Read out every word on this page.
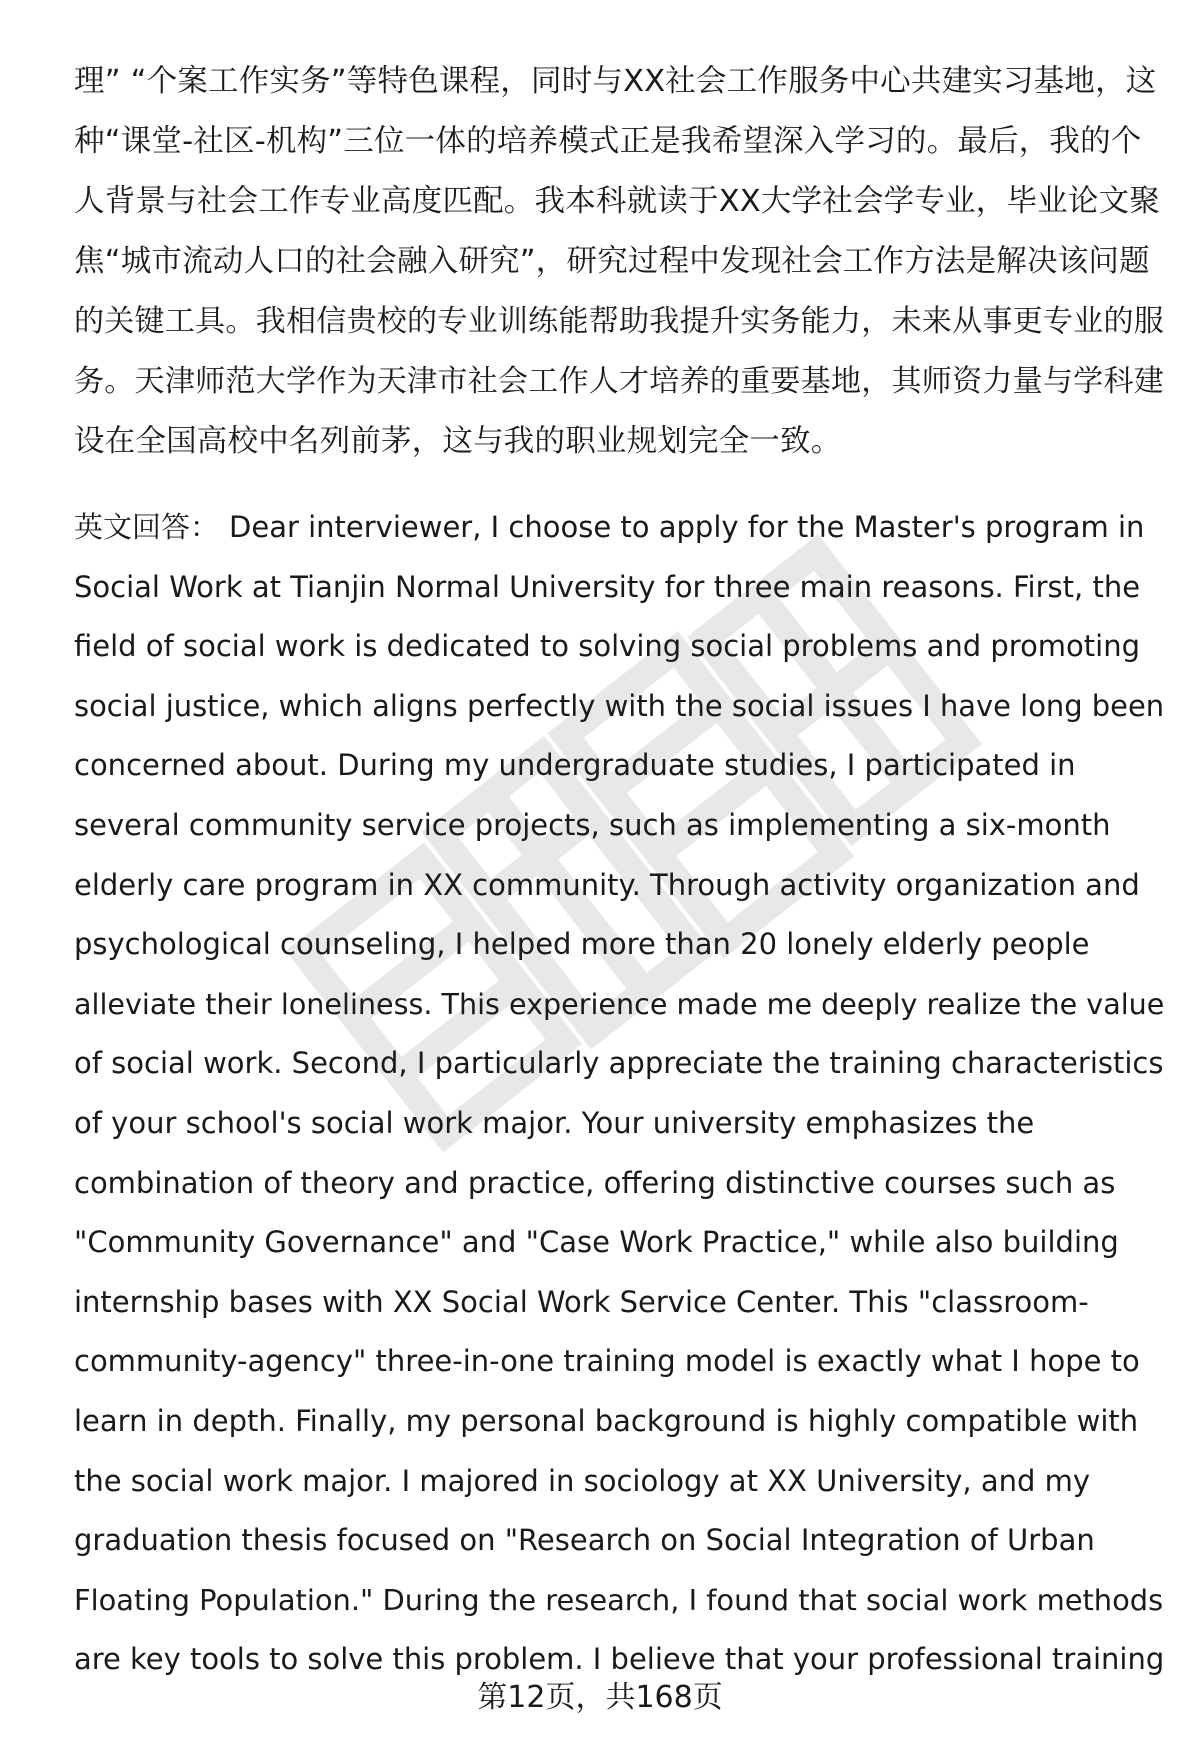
理” “个案工作实务”等特色课程，同时与XX社会工作服务中心共建实习基地，这
种“课堂-社区-机构”三位一体的培养模式正是我希望深入学习的。最后，我的个
人背景与社会工作专业高度匹配。我本科就读于XX大学社会学专业，毕业论文聚
焦“城市流动人口的社会融入研究”，研究过程中发现社会工作方法是解决该问题
的关键工具。我相信贵校的专业训练能帮助我提升实务能力，未来从事更专业的服
务。天津师范大学作为天津市社会工作人才培养的重要基地，其师资力量与学科建
设在全国高校中名列前茅，这与我的职业规划完全一致。

英文回答： Dear interviewer, I choose to apply for the Master's program in
Social Work at Tianjin Normal University for three main reasons. First, the
field of social work is dedicated to solving social problems and promoting
social justice, which aligns perfectly with the social issues I have long been
concerned about. During my undergraduate studies, I participated in
several community service projects, such as implementing a six-month
elderly care program in XX community. Through activity organization and
psychological counseling, I helped more than 20 lonely elderly people
alleviate their loneliness. This experience made me deeply realize the value
of social work. Second, I particularly appreciate the training characteristics
of your school's social work major. Your university emphasizes the
combination of theory and practice, offering distinctive courses such as
"Community Governance" and "Case Work Practice," while also building
internship bases with XX Social Work Service Center. This "classroom-
community-agency" three-in-one training model is exactly what I hope to
learn in depth. Finally, my personal background is highly compatible with
the social work major. I majored in sociology at XX University, and my
graduation thesis focused on "Research on Social Integration of Urban
Floating Population." During the research, I found that social work methods
are key tools to solve this problem. I believe that your professional training

第12页，共168页
